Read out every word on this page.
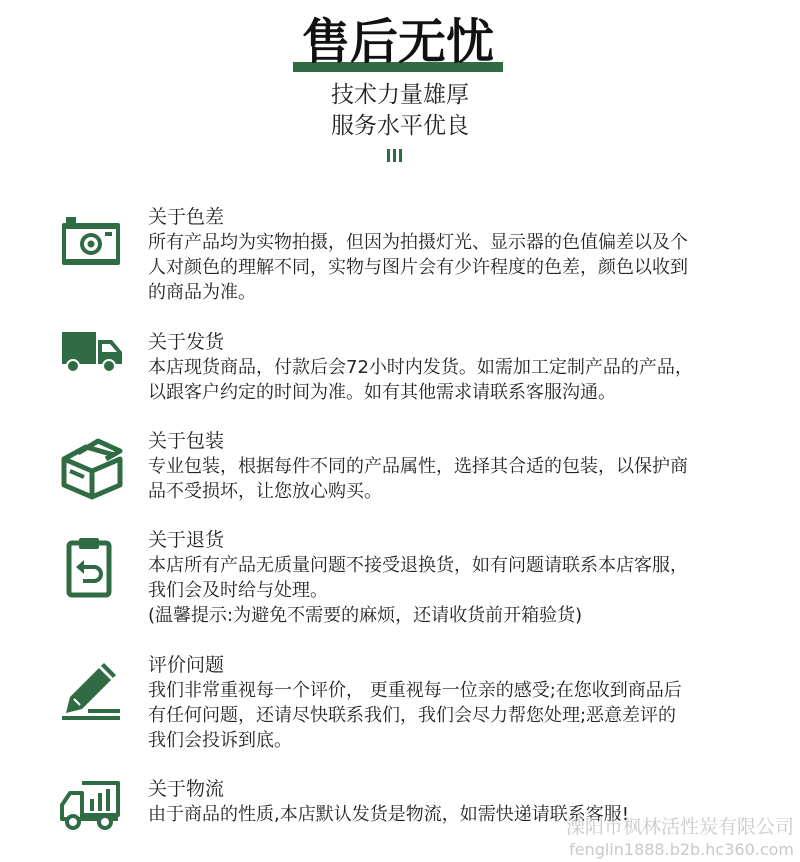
售后无忧
技术力量雄厚
服务水平优良
关于色差
所有产品均为实物拍摄，但因为拍摄灯光、显示器的色值偏差以及个
人对颜色的理解不同，实物与图片会有少许程度的色差，颜色以收到
的商品为准。
关于发货
本店现货商品，付款后会72小时内发货。如需加工定制产品的产品，
以跟客户约定的时间为准。如有其他需求请联系客服沟通。
关于包装
专业包装，根据每件不同的产品属性，选择其合适的包装，以保护商
品不受损坏，让您放心购买。
关于退货
本店所有产品无质量问题不接受退换货，如有问题请联系本店客服，
我们会及时给与处理。
(温馨提示:为避免不需要的麻烦，还请收货前开箱验货)
评价问题
我们非常重视每一个评价， 更重视每一位亲的感受;在您收到商品后
有任何问题，还请尽快联系我们，我们会尽力帮您处理;恶意差评的
我们会投诉到底。
关于物流
由于商品的性质,本店默认发货是物流，如需快递请联系客服!
溧阳市枫林活性炭有限公司
fenglin1888.b2b.hc360.com
